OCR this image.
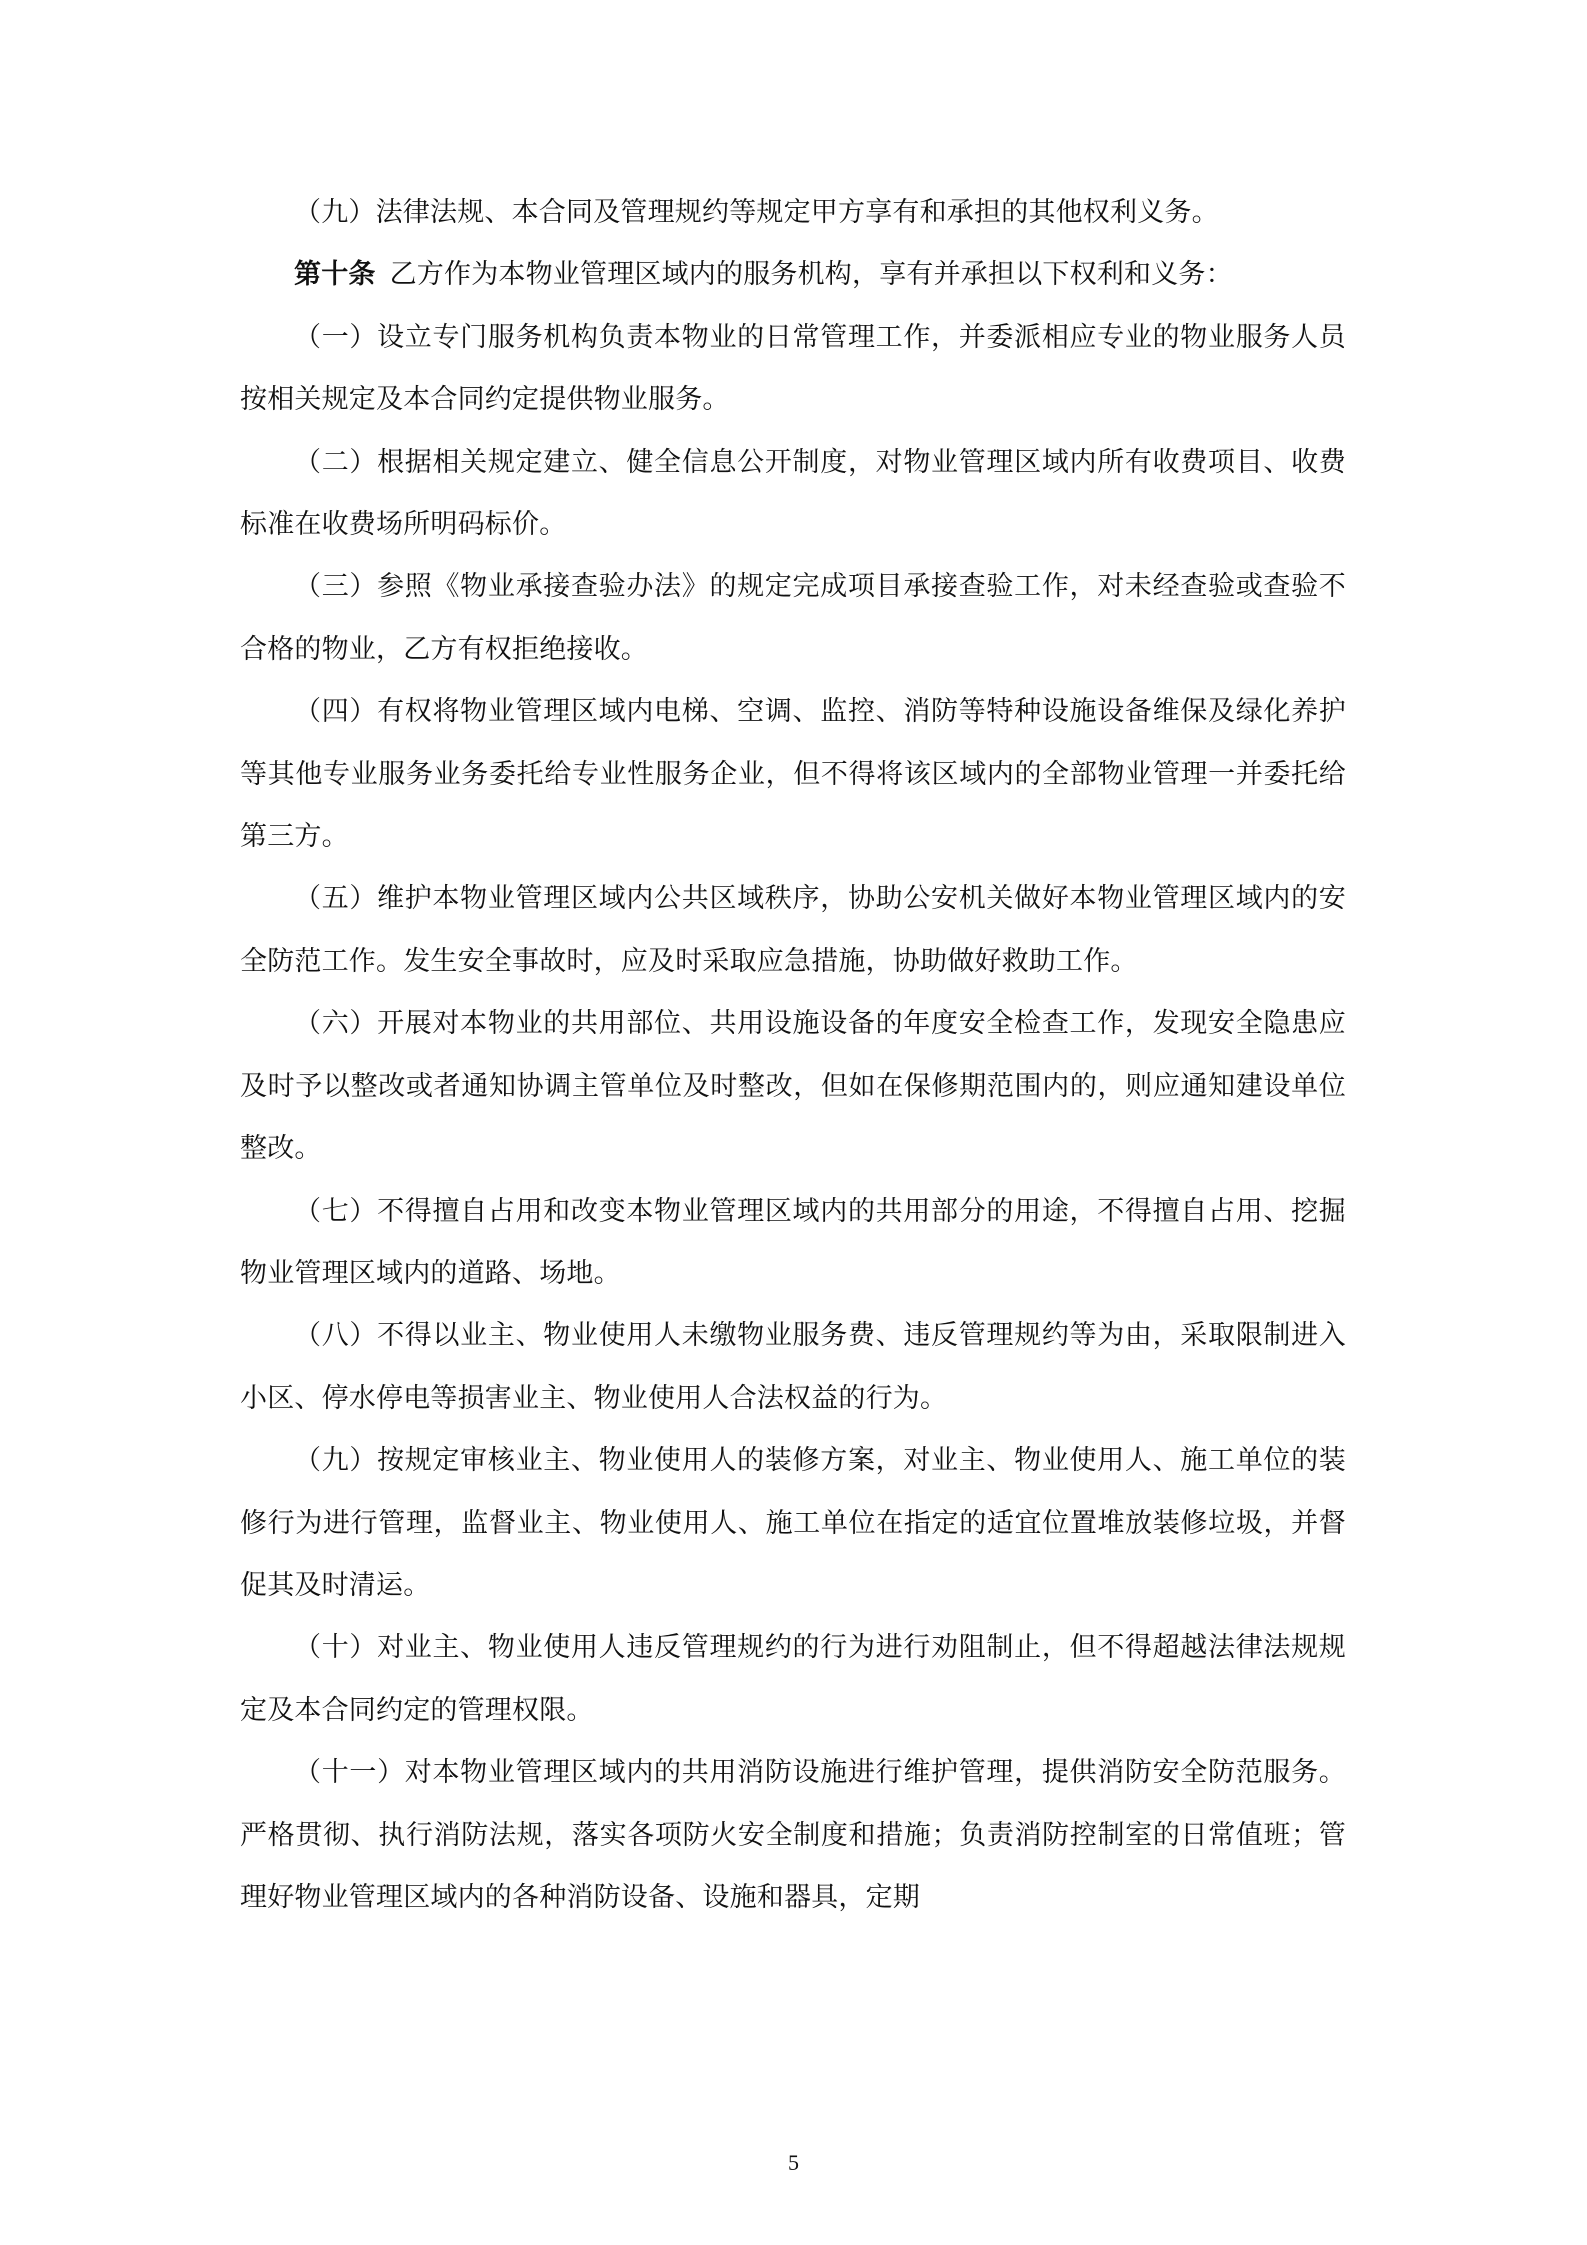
（九）法律法规、本合同及管理规约等规定甲方享有和承担的其他权利义务。

第十条 乙方作为本物业管理区域内的服务机构，享有并承担以下权利和义务：

（一）设立专门服务机构负责本物业的日常管理工作，并委派相应专业的物业服务人员按相关规定及本合同约定提供物业服务。

（二）根据相关规定建立、健全信息公开制度，对物业管理区域内所有收费项目、收费标准在收费场所明码标价。

（三）参照《物业承接查验办法》的规定完成项目承接查验工作，对未经查验或查验不合格的物业，乙方有权拒绝接收。

（四）有权将物业管理区域内电梯、空调、监控、消防等特种设施设备维保及绿化养护等其他专业服务业务委托给专业性服务企业，但不得将该区域内的全部物业管理一并委托给第三方。

（五）维护本物业管理区域内公共区域秩序，协助公安机关做好本物业管理区域内的安全防范工作。发生安全事故时，应及时采取应急措施，协助做好救助工作。

（六）开展对本物业的共用部位、共用设施设备的年度安全检查工作，发现安全隐患应及时予以整改或者通知协调主管单位及时整改，但如在保修期范围内的，则应通知建设单位整改。

（七）不得擅自占用和改变本物业管理区域内的共用部分的用途，不得擅自占用、挖掘物业管理区域内的道路、场地。

（八）不得以业主、物业使用人未缴物业服务费、违反管理规约等为由，采取限制进入小区、停水停电等损害业主、物业使用人合法权益的行为。

（九）按规定审核业主、物业使用人的装修方案，对业主、物业使用人、施工单位的装修行为进行管理，监督业主、物业使用人、施工单位在指定的适宜位置堆放装修垃圾，并督促其及时清运。

（十）对业主、物业使用人违反管理规约的行为进行劝阻制止，但不得超越法律法规规定及本合同约定的管理权限。

（十一）对本物业管理区域内的共用消防设施进行维护管理，提供消防安全防范服务。严格贯彻、执行消防法规，落实各项防火安全制度和措施；负责消防控制室的日常值班；管理好物业管理区域内的各种消防设备、设施和器具，定期

5
